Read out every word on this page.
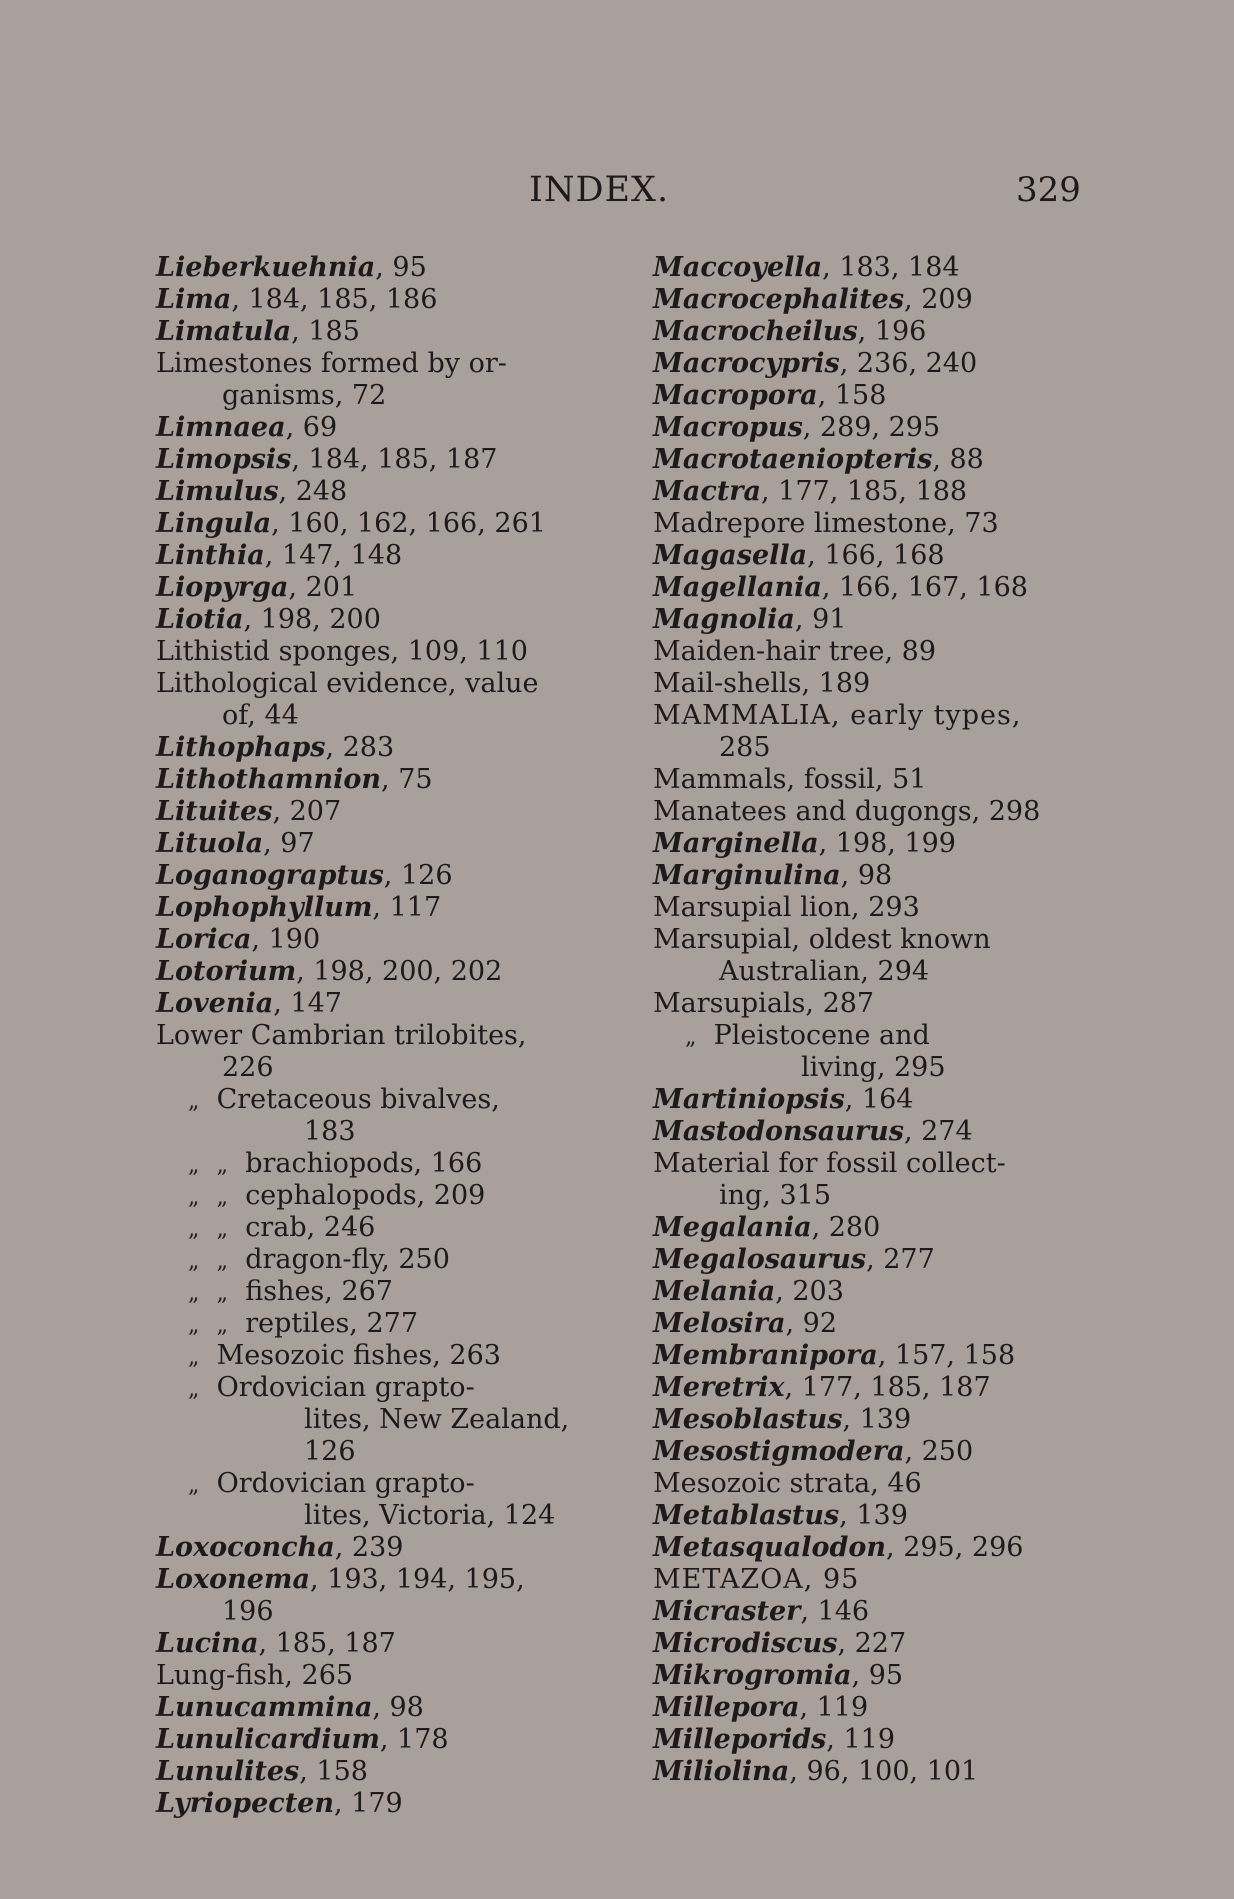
INDEX.	329
Lieberkuehnia, 95
Lima, 184, 185, 186
Limatula, 185
Limestones formed by or-
ganisms, 72
Limnaea, 69
Limopsis, 184, 185, 187
Limulus, 248
Lingula, 160, 162, 166, 261
Linthia, 147, 148
Liopyrga, 201
Liotia, 198, 200
Lithistid sponges, 109, 110
Lithological evidence, value
of, 44
Lithophaps, 283
Lithothamnion, 75
Lituites, 207
Lituola, 97
Loganograptus, 126
Lophophyllum, 117
Lorica, 190
Lotorium, 198, 200, 202
Lovenia, 147
Lower Cambrian trilobites,
226
„ Cretaceous bivalves,
183
„ „ brachiopods, 166
„ „ cephalopods, 209
„ „ crab, 246
„ „ dragon-fly, 250
„ „ fishes, 267
„ „ reptiles, 277
„ Mesozoic fishes, 263
„ Ordovician grapto-
lites, New Zealand,
126
„ Ordovician grapto-
lites, Victoria, 124
Loxoconcha, 239
Loxonema, 193, 194, 195,
196
Lucina, 185, 187
Lung-fish, 265
Lunucammina, 98
Lunulicardium, 178
Lunulites, 158
Lyriopecten, 179
Maccoyella, 183, 184
Macrocephalites, 209
Macrocheilus, 196
Macrocypris, 236, 240
Macropora, 158
Macropus, 289, 295
Macrotaeniopteris, 88
Mactra, 177, 185, 188
Madrepore limestone, 73
Magasella, 166, 168
Magellania, 166, 167, 168
Magnolia, 91
Maiden-hair tree, 89
Mail-shells, 189
MAMMALIA, early types,
285
Mammals, fossil, 51
Manatees and dugongs, 298
Marginella, 198, 199
Marginulina, 98
Marsupial lion, 293
Marsupial, oldest known
Australian, 294
Marsupials, 287
„ Pleistocene and
living, 295
Martiniopsis, 164
Mastodonsaurus, 274
Material for fossil collect-
ing, 315
Megalania, 280
Megalosaurus, 277
Melania, 203
Melosira, 92
Membranipora, 157, 158
Meretrix, 177, 185, 187
Mesoblastus, 139
Mesostigmodera, 250
Mesozoic strata, 46
Metablastus, 139
Metasqualodon, 295, 296
METAZOA, 95
Micraster, 146
Microdiscus, 227
Mikrogromia, 95
Millepora, 119
Milleporids, 119
Miliolina, 96, 100, 101
